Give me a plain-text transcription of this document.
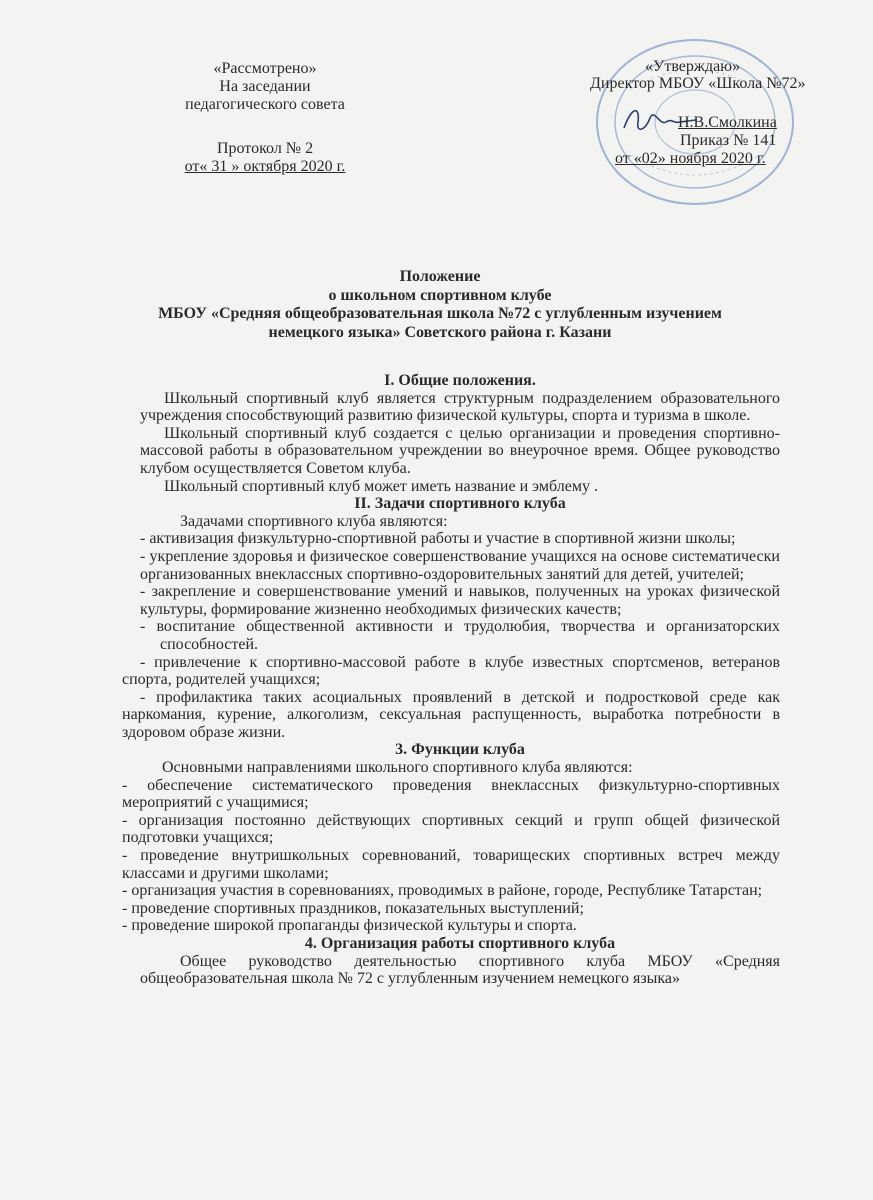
«Рассмотрено»
На заседании
педагогического совета
Протокол № 2
от« 31 » октября 2020 г.
«Утверждаю»
Директор МБОУ «Школа №72»
Н.В.Смолкина
Приказ № 141
от «02» ноября 2020 г.
Положение
о школьном спортивном клубе
МБОУ «Средняя общеобразовательная школа №72 с углубленным изучением
немецкого языка» Советского района г. Казани

I. Общие положения.

Школьный спортивный клуб является структурным подразделением образовательного учреждения способствующий развитию физической культуры, спорта и туризма в школе.

Школьный спортивный клуб создается с целью организации и проведения спортивно-массовой работы в образовательном учреждении во внеурочное время. Общее руководство клубом осуществляется Советом клуба.

Школьный спортивный клуб может иметь название и эмблему .

II. Задачи спортивного клуба

Задачами спортивного клуба являются:

- активизация физкультурно-спортивной работы и участие в спортивной жизни школы;

- укрепление здоровья и физическое совершенствование учащихся на основе систематически организованных внеклассных спортивно-оздоровительных занятий для детей, учителей;

- закрепление и совершенствование умений и навыков, полученных на уроках физической культуры, формирование жизненно необходимых физических качеств;

- воспитание общественной активности и трудолюбия, творчества и организаторских способностей.

- привлечение к спортивно-массовой работе в клубе известных спортсменов, ветеранов спорта, родителей учащихся;

- профилактика таких асоциальных проявлений в детской и подростковой среде как наркомания, курение, алкоголизм, сексуальная распущенность, выработка потребности в здоровом образе жизни.

3. Функции клуба

Основными направлениями школьного спортивного клуба являются:

- обеспечение систематического проведения внеклассных физкультурно-спортивных мероприятий с учащимися;

- организация постоянно действующих спортивных секций и групп общей физической подготовки учащихся;

- проведение внутришкольных соревнований, товарищеских спортивных встреч между классами и другими школами;

- организация участия в соревнованиях, проводимых в районе, городе, Республике Татарстан;

- проведение спортивных праздников, показательных выступлений;

- проведение широкой пропаганды физической культуры и спорта.

4. Организация работы спортивного клуба

Общее руководство деятельностью спортивного клуба МБОУ «Средняя общеобразовательная школа № 72 с углубленным изучением немецкого языка»
